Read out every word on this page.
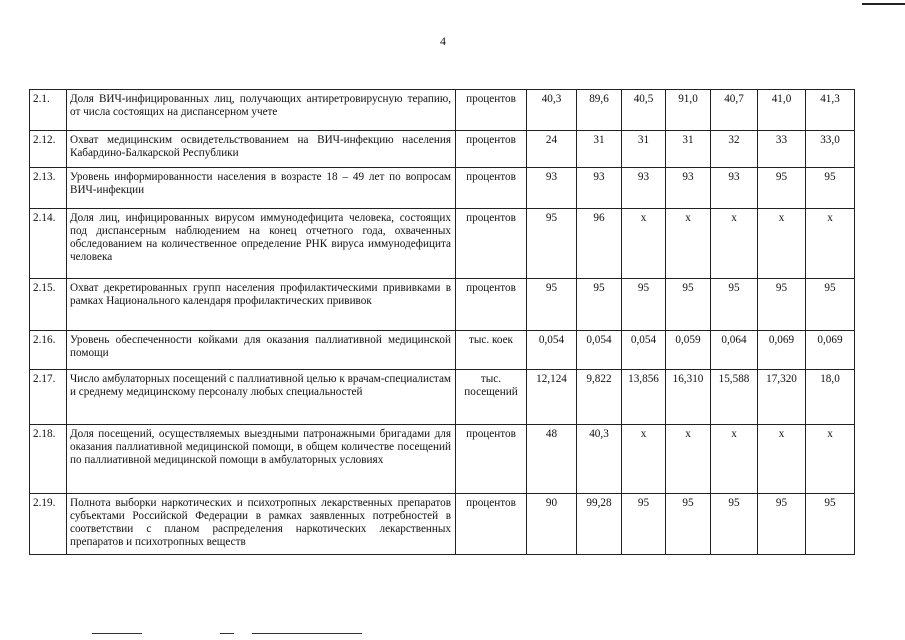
4
2.1.	Доля ВИЧ-инфицированных лиц, получающих антиретровирусную терапию, от числа состоящих на диспансерном учете	процентов	40,3	89,6	40,5	91,0	40,7	41,0	41,3
2.12.	Охват медицинским освидетельствованием на ВИЧ-инфекцию населения Кабардино-Балкарской Республики	процентов	24	31	31	31	32	33	33,0
2.13.	Уровень информированности населения в возрасте 18 – 49 лет по вопросам ВИЧ-инфекции	процентов	93	93	93	93	93	95	95
2.14.	Доля лиц, инфицированных вирусом иммунодефицита человека, состоящих под диспансерным наблюдением на конец отчетного года, охваченных обследованием на количественное определение РНК вируса иммунодефицита человека	процентов	95	96	x	x	x	x	x
2.15.	Охват декретированных групп населения профилактическими прививками в рамках Национального календаря профилактических прививок	процентов	95	95	95	95	95	95	95
2.16.	Уровень обеспеченности койками для оказания паллиативной медицинской помощи	тыс. коек	0,054	0,054	0,054	0,059	0,064	0,069	0,069
2.17.	Число амбулаторных посещений с паллиативной целью к врачам-специалистам и среднему медицинскому персоналу любых специальностей	тыс. посещений	12,124	9,822	13,856	16,310	15,588	17,320	18,0
2.18.	Доля посещений, осуществляемых выездными патронажными бригадами для оказания паллиативной медицинской помощи, в общем количестве посещений по паллиативной медицинской помощи в амбулаторных условиях	процентов	48	40,3	x	x	x	x	x
2.19.	Полнота выборки наркотических и психотропных лекарственных препаратов субъектами Российской Федерации в рамках заявленных потребностей в соответствии с планом распределения наркотических лекарственных препаратов и психотропных веществ	процентов	90	99,28	95	95	95	95	95
